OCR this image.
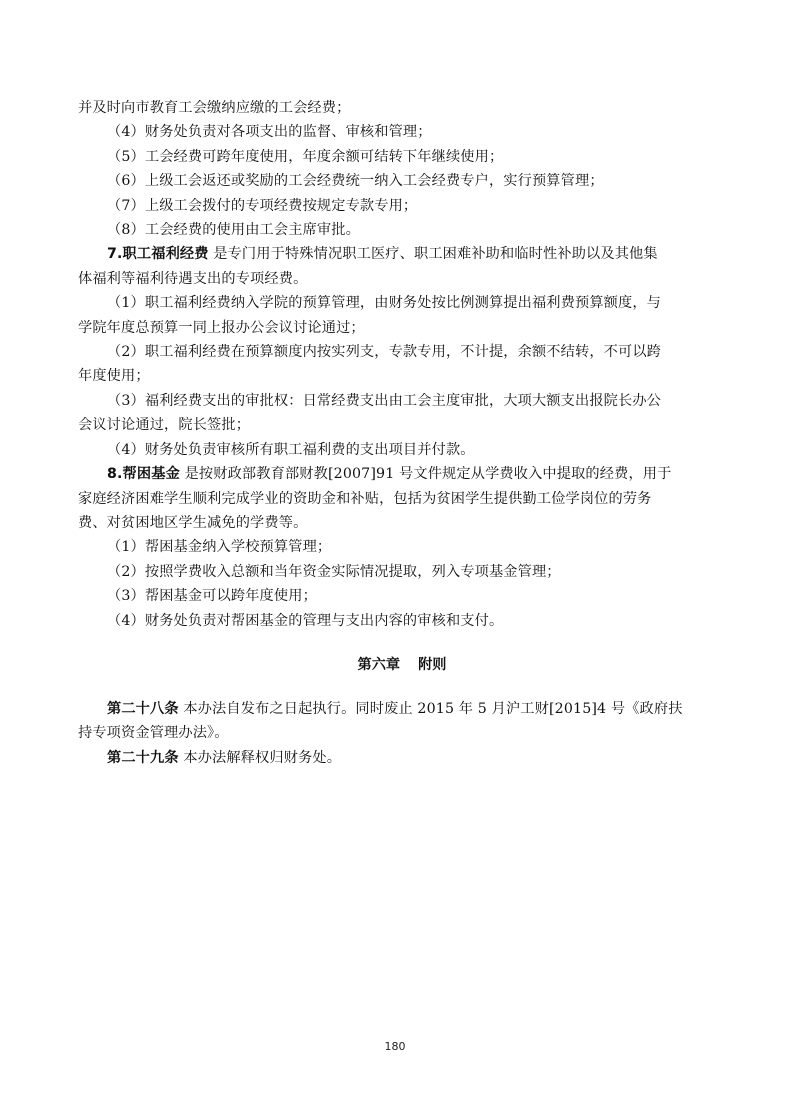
并及时向市教育工会缴纳应缴的工会经费；
（4）财务处负责对各项支出的监督、审核和管理；
（5）工会经费可跨年度使用，年度余额可结转下年继续使用；
（6）上级工会返还或奖励的工会经费统一纳入工会经费专户，实行预算管理；
（7）上级工会拨付的专项经费按规定专款专用；
（8）工会经费的使用由工会主席审批。
7.职工福利经费 是专门用于特殊情况职工医疗、职工困难补助和临时性补助以及其他集
体福利等福利待遇支出的专项经费。
（1）职工福利经费纳入学院的预算管理，由财务处按比例测算提出福利费预算额度，与
学院年度总预算一同上报办公会议讨论通过；
（2）职工福利经费在预算额度内按实列支，专款专用，不计提，余额不结转，不可以跨
年度使用；
（3）福利经费支出的审批权：日常经费支出由工会主度审批，大项大额支出报院长办公
会议讨论通过，院长签批；
（4）财务处负责审核所有职工福利费的支出项目并付款。
8.帮困基金 是按财政部教育部财教[2007]91 号文件规定从学费收入中提取的经费，用于
家庭经济困难学生顺利完成学业的资助金和补贴，包括为贫困学生提供勤工俭学岗位的劳务
费、对贫困地区学生减免的学费等。
（1）帮困基金纳入学校预算管理；
（2）按照学费收入总额和当年资金实际情况提取，列入专项基金管理；
（3）帮困基金可以跨年度使用；
（4）财务处负责对帮困基金的管理与支出内容的审核和支付。
第六章 附则
第二十八条 本办法自发布之日起执行。同时废止 2015 年 5 月沪工财[2015]4 号《政府扶
持专项资金管理办法》。
第二十九条 本办法解释权归财务处。
180
